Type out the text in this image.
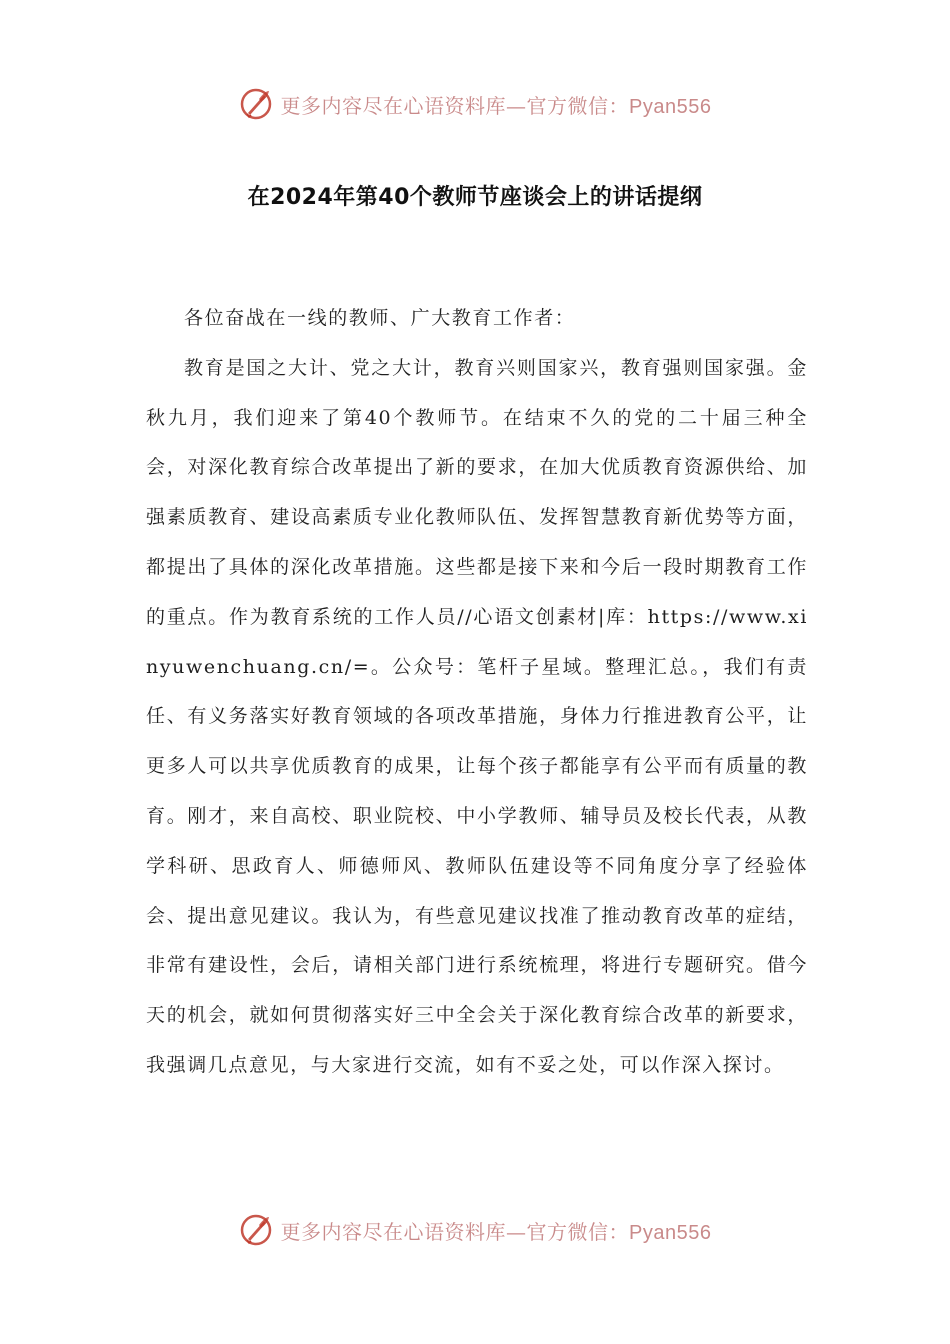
更多内容尽在心语资料库—官方微信：Pyan556
在2024年第40个教师节座谈会上的讲话提纲

各位奋战在一线的教师、广大教育工作者：

教育是国之大计、党之大计，教育兴则国家兴，教育强则国家强。金秋九月，我们迎来了第40个教师节。在结束不久的党的二十届三种全会，对深化教育综合改革提出了新的要求，在加大优质教育资源供给、加强素质教育、建设高素质专业化教师队伍、发挥智慧教育新优势等方面，都提出了具体的深化改革措施。这些都是接下来和今后一段时期教育工作的重点。作为教育系统的工作人员//心语文创素材|库：https://www.xinyuwenchuang.cn/=。公众号：笔杆子星域。整理汇总。，我们有责任、有义务落实好教育领域的各项改革措施，身体力行推进教育公平，让更多人可以共享优质教育的成果，让每个孩子都能享有公平而有质量的教育。刚才，来自高校、职业院校、中小学教师、辅导员及校长代表，从教学科研、思政育人、师德师风、教师队伍建设等不同角度分享了经验体会、提出意见建议。我认为，有些意见建议找准了推动教育改革的症结，非常有建设性，会后，请相关部门进行系统梳理，将进行专题研究。借今天的机会，就如何贯彻落实好三中全会关于深化教育综合改革的新要求，我强调几点意见，与大家进行交流，如有不妥之处，可以作深入探讨。

更多内容尽在心语资料库—官方微信：Pyan556
